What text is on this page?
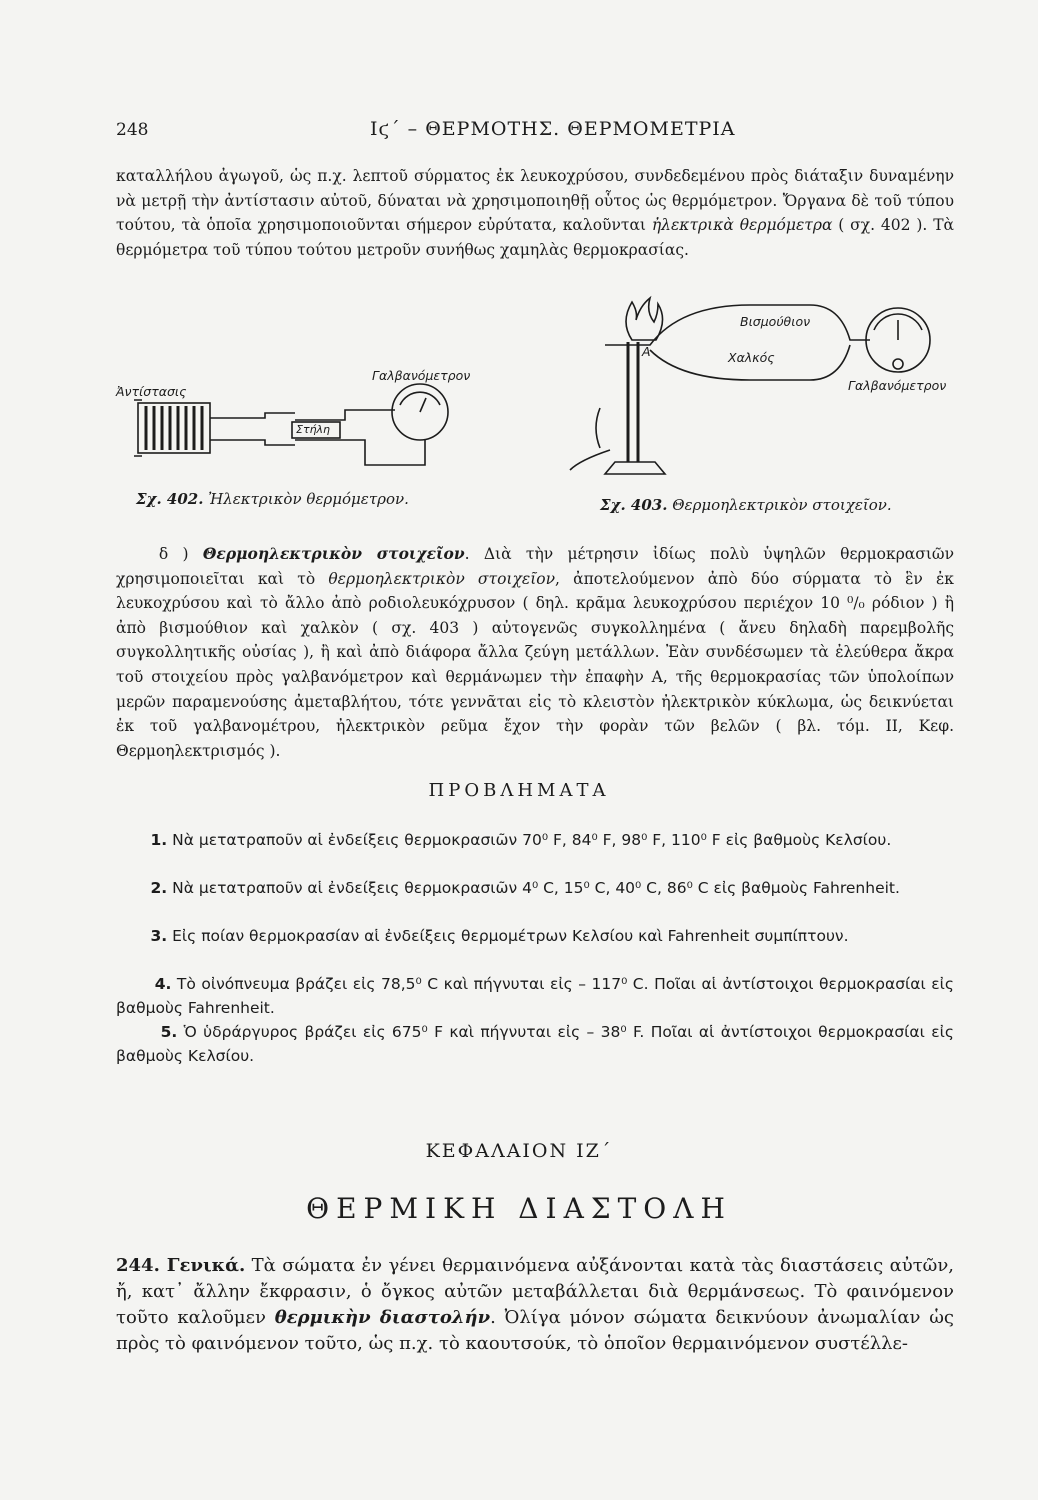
248	Ιϛ΄ – ΘΕΡΜΟΤΗΣ. ΘΕΡΜΟΜΕΤΡΙΑ
καταλλήλου ἀγωγοῦ, ὡς π.χ. λεπτοῦ σύρματος ἐκ λευκοχρύσου, συνδεδεμένου πρὸς διάταξιν δυναμένην νὰ μετρῇ τὴν ἀντίστασιν αὐτοῦ, δύναται νὰ χρησιμοποιηθῇ οὗτος ὡς θερμόμετρον. Ὄργανα δὲ τοῦ τύπου τούτου, τὰ ὁποῖα χρησιμοποιοῦνται σήμερον εὐρύτατα, καλοῦνται ἠλεκτρικὰ θερμόμετρα ( σχ. 402 ). Τὰ θερμόμετρα τοῦ τύπου τούτου μετροῦν συνήθως χαμηλὰς θερμοκρασίας.
Ἀντίστασις
Γαλβανόμετρον
Στήλη
Βισμούθιον
Χαλκός
Α
Γαλβανόμετρον
Σχ. 402. Ἠλεκτρικὸν θερμόμετρον.	Σχ. 403. Θερμοηλεκτρικὸν στοιχεῖον.
δ ) Θερμοηλεκτρικὸν στοιχεῖον. Διὰ τὴν μέτρησιν ἰδίως πολὺ ὑψηλῶν θερμοκρασιῶν χρησιμοποιεῖται καὶ τὸ θερμοηλεκτρικὸν στοιχεῖον, ἀποτελούμενον ἀπὸ δύο σύρματα τὸ ἓν ἐκ λευκοχρύσου καὶ τὸ ἄλλο ἀπὸ ροδιολευκόχρυσον ( δηλ. κρᾶμα λευκοχρύσου περιέχον 10 ⁰/₀ ρόδιον ) ἢ ἀπὸ βισμούθιον καὶ χαλκὸν ( σχ. 403 ) αὐτογενῶς συγκολλημένα ( ἄνευ δηλαδὴ παρεμβολῆς συγκολλητικῆς οὐσίας ), ἢ καὶ ἀπὸ διάφορα ἄλλα ζεύγη μετάλλων. Ἐὰν συνδέσωμεν τὰ ἐλεύθερα ἄκρα τοῦ στοιχείου πρὸς γαλβανόμετρον καὶ θερμάνωμεν τὴν ἐπαφὴν Α, τῆς θερμοκρασίας τῶν ὑπολοίπων μερῶν παραμενούσης ἀμεταβλήτου, τότε γεννᾶται εἰς τὸ κλειστὸν ἠλεκτρικὸν κύκλωμα, ὡς δεικνύεται ἐκ τοῦ γαλβανομέτρου, ἠλεκτρικὸν ρεῦμα ἔχον τὴν φορὰν τῶν βελῶν ( βλ. τόμ. ΙΙ, Κεφ. Θερμοηλεκτρισμός ).
ΠΡΟΒΛΗΜΑΤΑ
1. Νὰ μετατραποῦν αἱ ἐνδείξεις θερμοκρασιῶν 70⁰ F, 84⁰ F, 98⁰ F, 110⁰ F εἰς βαθμοὺς Κελσίου.
2. Νὰ μετατραποῦν αἱ ἐνδείξεις θερμοκρασιῶν 4⁰ C, 15⁰ C, 40⁰ C, 86⁰ C εἰς βαθμοὺς Fahrenheit.
3. Εἰς ποίαν θερμοκρασίαν αἱ ἐνδείξεις θερμομέτρων Κελσίου καὶ Fahrenheit συμπίπτουν.
4. Τὸ οἰνόπνευμα βράζει εἰς 78,5⁰ C καὶ πήγνυται εἰς – 117⁰ C. Ποῖαι αἱ ἀντίστοιχοι θερμοκρασίαι εἰς βαθμοὺς Fahrenheit.
5. Ὁ ὑδράργυρος βράζει εἰς 675⁰ F καὶ πήγνυται εἰς – 38⁰ F. Ποῖαι αἱ ἀντίστοιχοι θερμοκρασίαι εἰς βαθμοὺς Κελσίου.
ΚΕΦΑΛΑΙΟΝ ΙΖ΄
ΘΕΡΜΙΚΗ ΔΙΑΣΤΟΛΗ
244. Γενικά. Τὰ σώματα ἐν γένει θερμαινόμενα αὐξάνονται κατὰ τὰς διαστάσεις αὐτῶν, ἤ, κατ᾽ ἄλλην ἔκφρασιν, ὁ ὄγκος αὐτῶν μεταβάλλεται διὰ θερμάνσεως. Τὸ φαινόμενον τοῦτο καλοῦμεν θερμικὴν διαστολήν. Ὀλίγα μόνον σώματα δεικνύουν ἀνωμαλίαν ὡς πρὸς τὸ φαινόμενον τοῦτο, ὡς π.χ. τὸ καουτσούκ, τὸ ὁποῖον θερμαινόμενον συστέλλε-
